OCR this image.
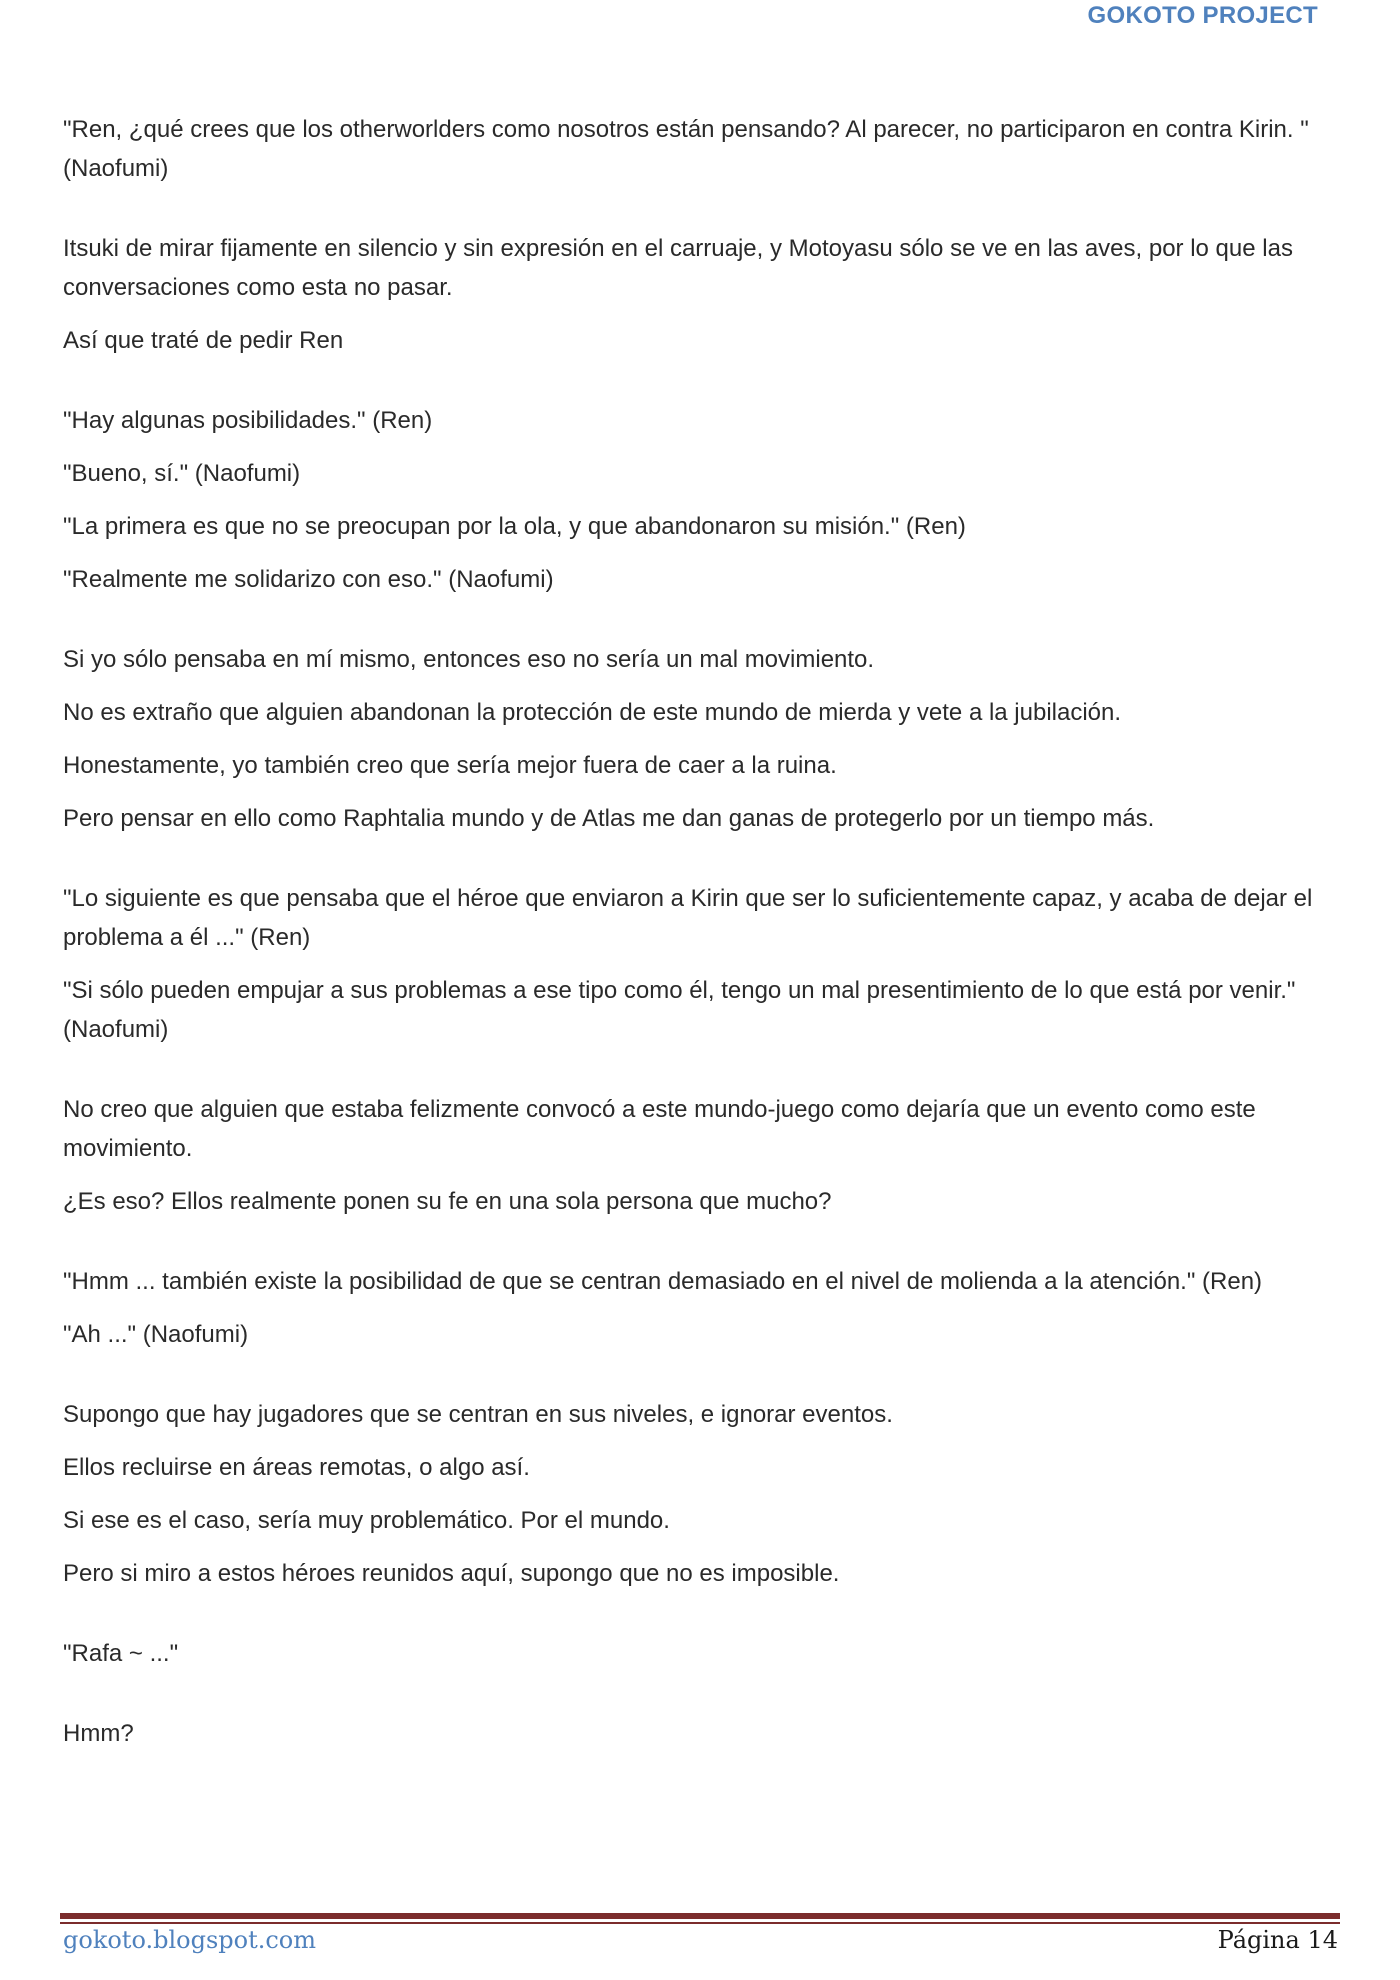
GOKOTO PROJECT

"Ren, ¿qué crees que los otherworlders como nosotros están pensando? Al parecer, no participaron en contra Kirin. "(Naofumi)

Itsuki de mirar fijamente en silencio y sin expresión en el carruaje, y Motoyasu sólo se ve en las aves, por lo que las conversaciones como esta no pasar.

Así que traté de pedir Ren

"Hay algunas posibilidades." (Ren)

"Bueno, sí." (Naofumi)

"La primera es que no se preocupan por la ola, y que abandonaron su misión." (Ren)

"Realmente me solidarizo con eso." (Naofumi)

Si yo sólo pensaba en mí mismo, entonces eso no sería un mal movimiento.

No es extraño que alguien abandonan la protección de este mundo de mierda y vete a la jubilación.

Honestamente, yo también creo que sería mejor fuera de caer a la ruina.

Pero pensar en ello como Raphtalia mundo y de Atlas me dan ganas de protegerlo por un tiempo más.

"Lo siguiente es que pensaba que el héroe que enviaron a Kirin que ser lo suficientemente capaz, y acaba de dejar el problema a él ..." (Ren)

"Si sólo pueden empujar a sus problemas a ese tipo como él, tengo un mal presentimiento de lo que está por venir." (Naofumi)

No creo que alguien que estaba felizmente convocó a este mundo-juego como dejaría que un evento como este movimiento.

¿Es eso? Ellos realmente ponen su fe en una sola persona que mucho?

"Hmm ... también existe la posibilidad de que se centran demasiado en el nivel de molienda a la atención." (Ren)

"Ah ..." (Naofumi)

Supongo que hay jugadores que se centran en sus niveles, e ignorar eventos.

Ellos recluirse en áreas remotas, o algo así.

Si ese es el caso, sería muy problemático. Por el mundo.

Pero si miro a estos héroes reunidos aquí, supongo que no es imposible.

"Rafa ~ ..."

Hmm?

gokoto.blogspot.com	Página 14
